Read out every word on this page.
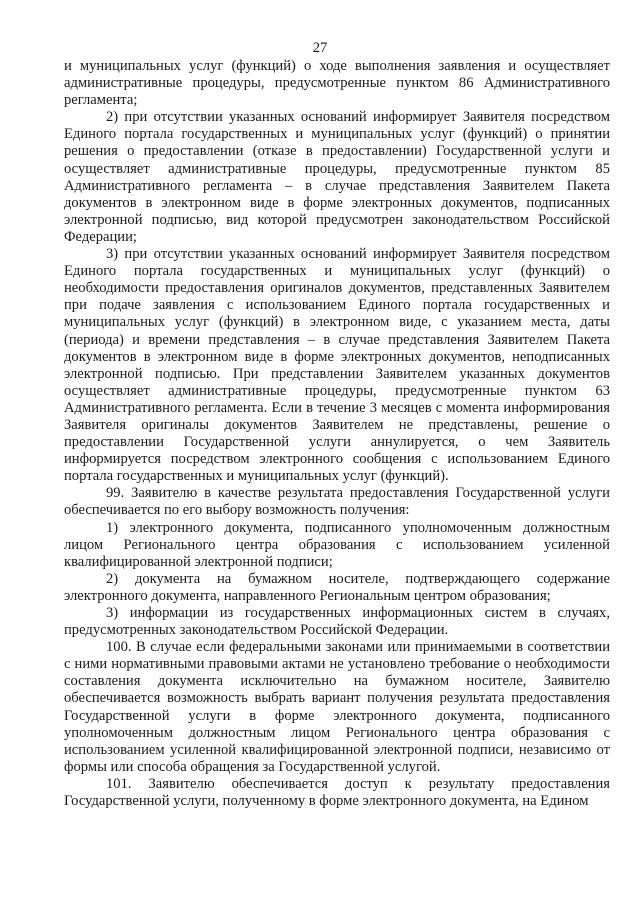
27

и муниципальных услуг (функций) о ходе выполнения заявления и осуществляет административные процедуры, предусмотренные пунктом 86 Административного регламента;

2) при отсутствии указанных оснований информирует Заявителя посредством Единого портала государственных и муниципальных услуг (функций) о принятии решения о предоставлении (отказе в предоставлении) Государственной услуги и осуществляет административные процедуры, предусмотренные пунктом 85 Административного регламента – в случае представления Заявителем Пакета документов в электронном виде в форме электронных документов, подписанных электронной подписью, вид которой предусмотрен законодательством Российской Федерации;

3) при отсутствии указанных оснований информирует Заявителя посредством Единого портала государственных и муниципальных услуг (функций) о необходимости предоставления оригиналов документов, представленных Заявителем при подаче заявления с использованием Единого портала государственных и муниципальных услуг (функций) в электронном виде, с указанием места, даты (периода) и времени представления – в случае представления Заявителем Пакета документов в электронном виде в форме электронных документов, неподписанных электронной подписью. При представлении Заявителем указанных документов осуществляет административные процедуры, предусмотренные пунктом 63 Административного регламента. Если в течение 3 месяцев с момента информирования Заявителя оригиналы документов Заявителем не представлены, решение о предоставлении Государственной услуги аннулируется, о чем Заявитель информируется посредством электронного сообщения с использованием Единого портала государственных и муниципальных услуг (функций).

99. Заявителю в качестве результата предоставления Государственной услуги обеспечивается по его выбору возможность получения:

1) электронного документа, подписанного уполномоченным должностным лицом Регионального центра образования с использованием усиленной квалифицированной электронной подписи;

2) документа на бумажном носителе, подтверждающего содержание электронного документа, направленного Региональным центром образования;

3) информации из государственных информационных систем в случаях, предусмотренных законодательством Российской Федерации.

100. В случае если федеральными законами или принимаемыми в соответствии с ними нормативными правовыми актами не установлено требование о необходимости составления документа исключительно на бумажном носителе, Заявителю обеспечивается возможность выбрать вариант получения результата предоставления Государственной услуги в форме электронного документа, подписанного уполномоченным должностным лицом Регионального центра образования с использованием усиленной квалифицированной электронной подписи, независимо от формы или способа обращения за Государственной услугой.

101. Заявителю обеспечивается доступ к результату предоставления Государственной услуги, полученному в форме электронного документа, на Едином
